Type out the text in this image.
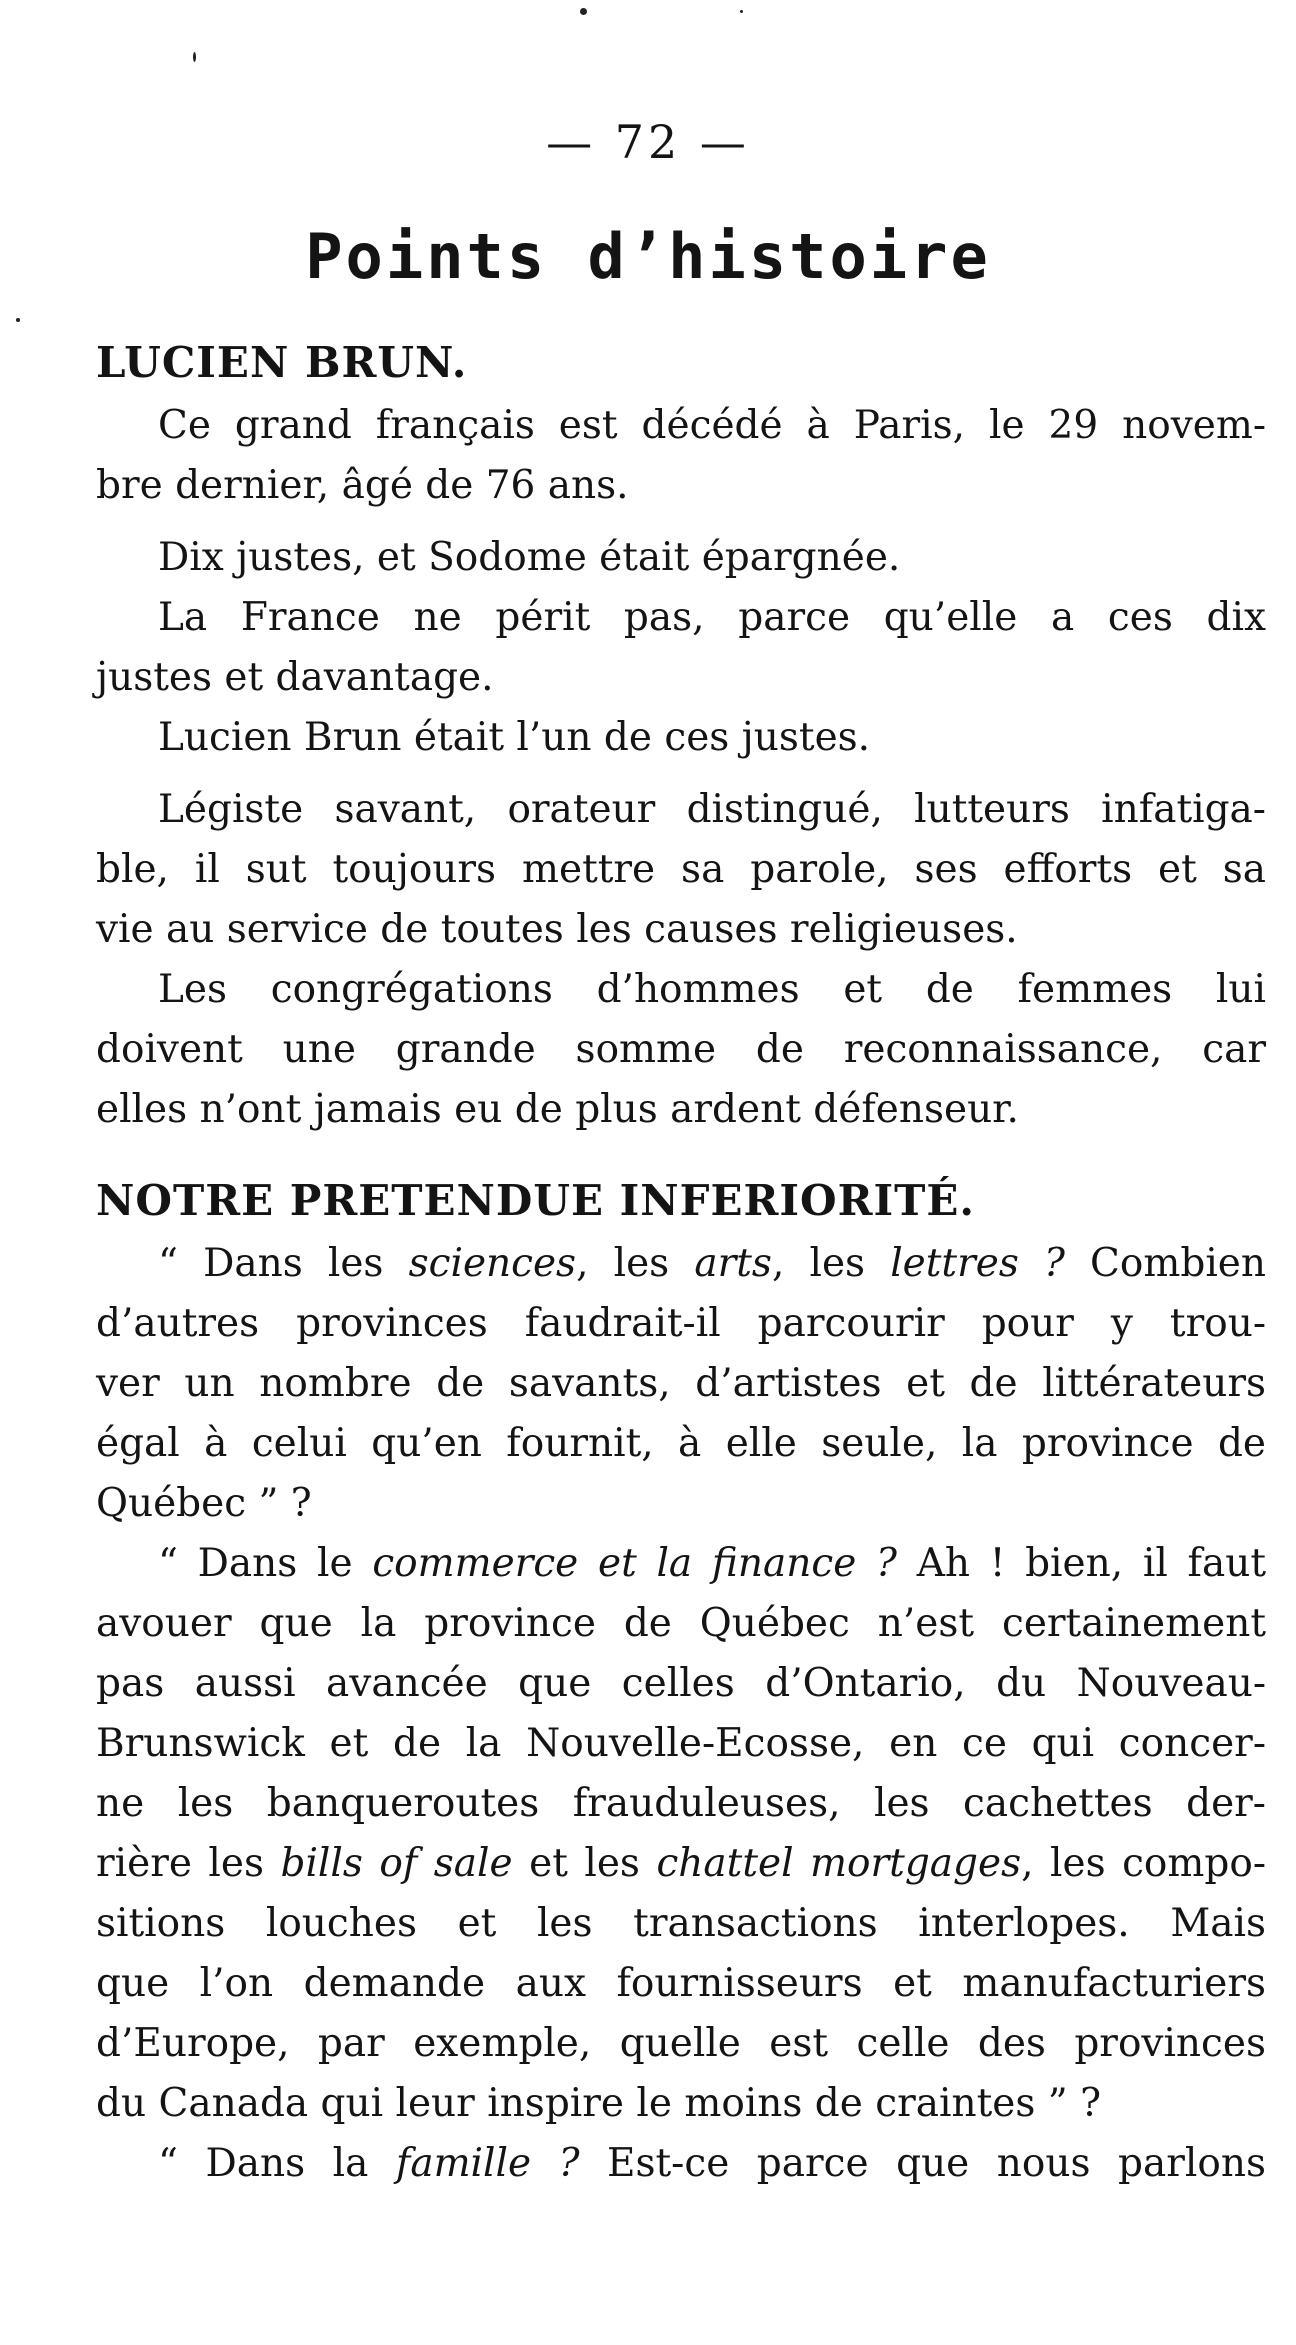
— 72 —
Points d’histoire
LUCIEN BRUN.
Ce grand français est décédé à Paris, le 29 novem-
bre dernier, âgé de 76 ans.
Dix justes, et Sodome était épargnée.
La France ne périt pas, parce qu’elle a ces dix
justes et davantage.
Lucien Brun était l’un de ces justes.
Légiste savant, orateur distingué, lutteurs infatiga-
ble, il sut toujours mettre sa parole, ses efforts et sa
vie au service de toutes les causes religieuses.
Les congrégations d’hommes et de femmes lui
doivent une grande somme de reconnaissance, car
elles n’ont jamais eu de plus ardent défenseur.
NOTRE PRETENDUE INFERIORITÉ.
“ Dans les sciences, les arts, les lettres ? Combien
d’autres provinces faudrait-il parcourir pour y trou-
ver un nombre de savants, d’artistes et de littérateurs
égal à celui qu’en fournit, à elle seule, la province de
Québec ” ?
“ Dans le commerce et la finance ? Ah ! bien, il faut
avouer que la province de Québec n’est certainement
pas aussi avancée que celles d’Ontario, du Nouveau-
Brunswick et de la Nouvelle-Ecosse, en ce qui concer-
ne les banqueroutes frauduleuses, les cachettes der-
rière les bills of sale et les chattel mortgages, les compo-
sitions louches et les transactions interlopes. Mais
que l’on demande aux fournisseurs et manufacturiers
d’Europe, par exemple, quelle est celle des provinces
du Canada qui leur inspire le moins de craintes ” ?
“ Dans la famille ? Est-ce parce que nous parlons
